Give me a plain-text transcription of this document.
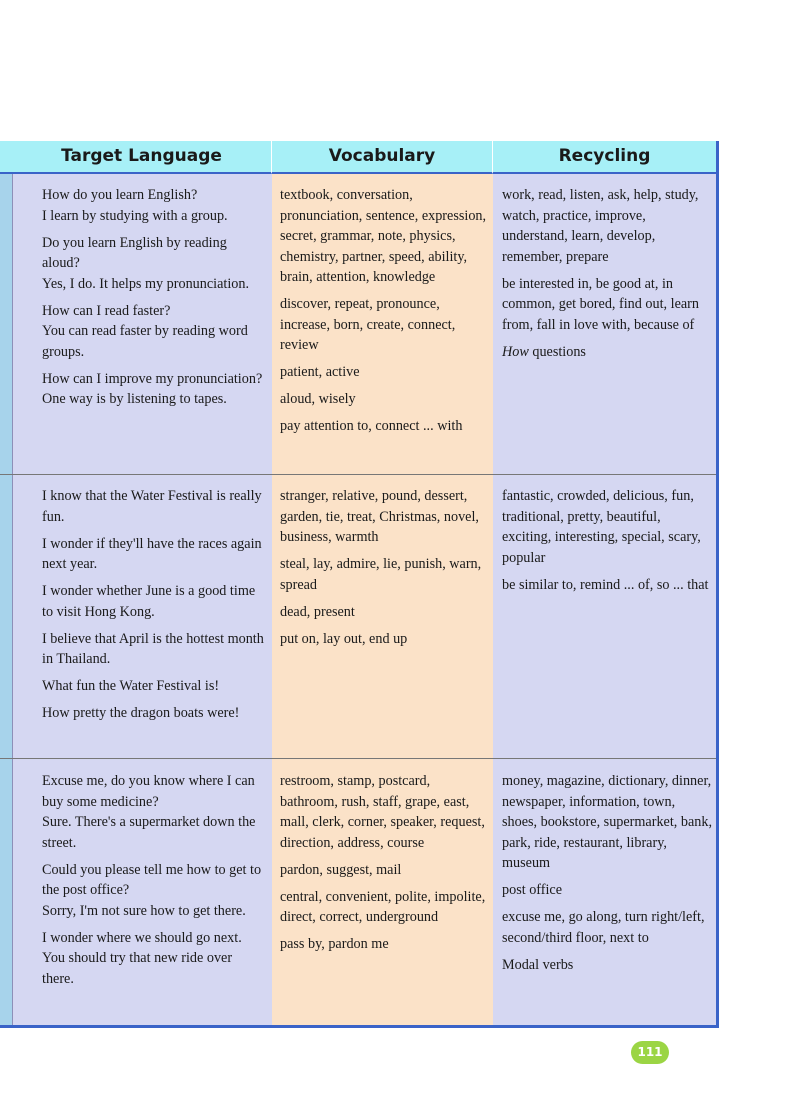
Target Language	Vocabulary	Recycling

How do you learn English?
I learn by studying with a group.

Do you learn English by reading aloud?
Yes, I do. It helps my pronunciation.

How can I read faster?
You can read faster by reading word groups.

How can I improve my pronunciation?
One way is by listening to tapes.

textbook, conversation, pronunciation, sentence, expression, secret, grammar, note, physics, chemistry, partner, speed, ability, brain, attention, knowledge

discover, repeat, pronounce, increase, born, create, connect, review

patient, active

aloud, wisely

pay attention to, connect ... with

work, read, listen, ask, help, study, watch, practice, improve, understand, learn, develop, remember, prepare

be interested in, be good at, in common, get bored, find out, learn from, fall in love with, because of

How questions

I know that the Water Festival is really fun.

I wonder if they'll have the races again next year.

I wonder whether June is a good time to visit Hong Kong.

I believe that April is the hottest month in Thailand.

What fun the Water Festival is!

How pretty the dragon boats were!

stranger, relative, pound, dessert, garden, tie, treat, Christmas, novel, business, warmth

steal, lay, admire, lie, punish, warn, spread

dead, present

put on, lay out, end up

fantastic, crowded, delicious, fun, traditional, pretty, beautiful, exciting, interesting, special, scary, popular

be similar to, remind ... of, so ... that

Excuse me, do you know where I can buy some medicine?
Sure. There's a supermarket down the street.

Could you please tell me how to get to the post office?
Sorry, I'm not sure how to get there.

I wonder where we should go next.
You should try that new ride over there.

restroom, stamp, postcard, bathroom, rush, staff, grape, east, mall, clerk, corner, speaker, request, direction, address, course

pardon, suggest, mail

central, convenient, polite, impolite, direct, correct, underground

pass by, pardon me

money, magazine, dictionary, dinner, newspaper, information, town, shoes, bookstore, supermarket, bank, park, ride, restaurant, library, museum

post office

excuse me, go along, turn right/left, second/third floor, next to

Modal verbs

111
